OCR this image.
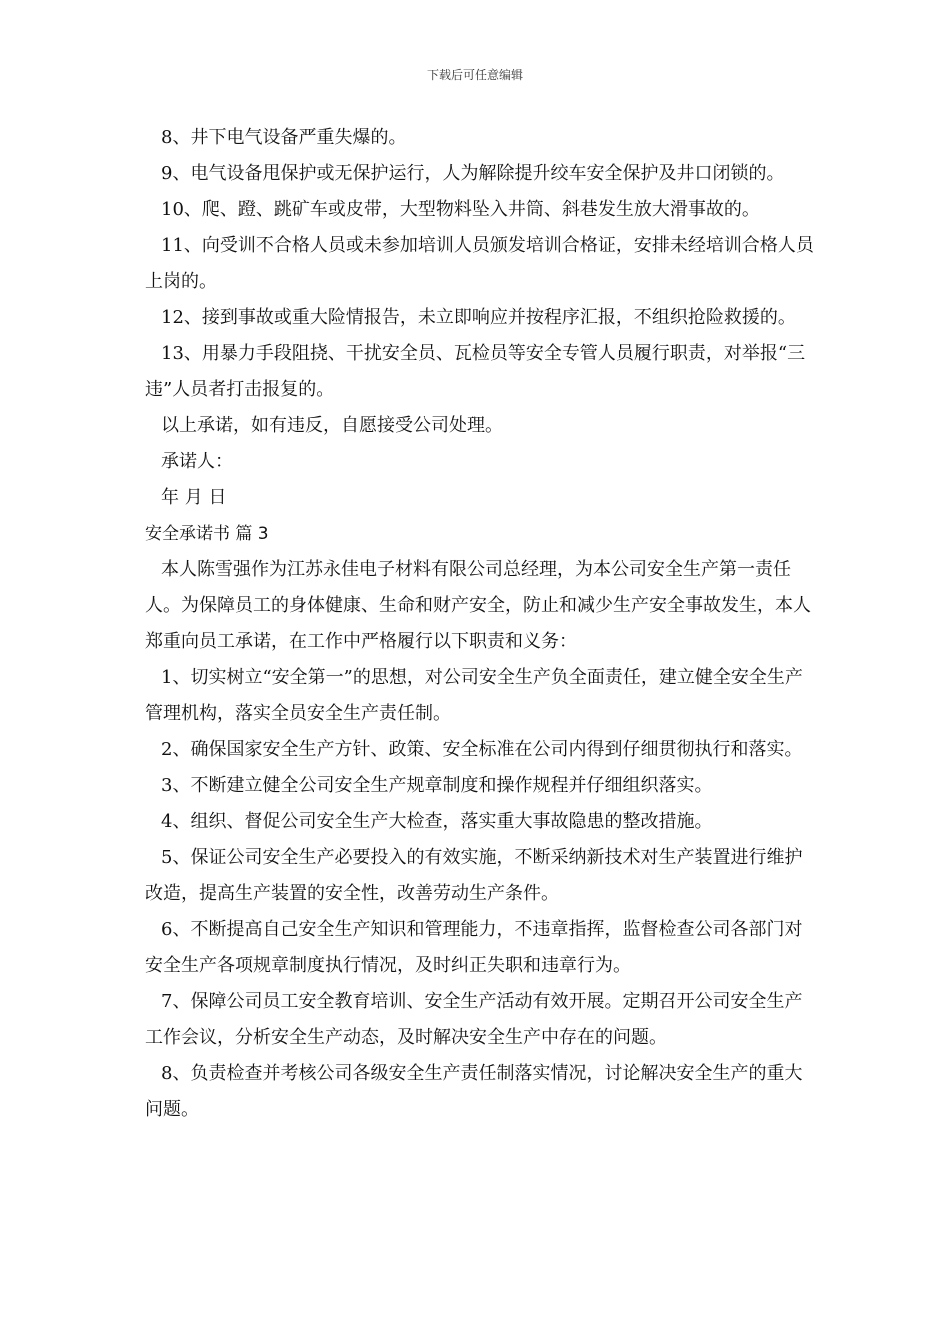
下载后可任意编辑

8、井下电气设备严重失爆的。

9、电气设备甩保护或无保护运行，人为解除提升绞车安全保护及井口闭锁的。

10、爬、蹬、跳矿车或皮带，大型物料坠入井筒、斜巷发生放大滑事故的。

11、向受训不合格人员或未参加培训人员颁发培训合格证，安排未经培训合格人员上岗的。

12、接到事故或重大险情报告，未立即响应并按程序汇报，不组织抢险救援的。

13、用暴力手段阻挠、干扰安全员、瓦检员等安全专管人员履行职责，对举报“三违”人员者打击报复的。

以上承诺，如有违反，自愿接受公司处理。

承诺人：

年 月 日

安全承诺书 篇 3

本人陈雪强作为江苏永佳电子材料有限公司总经理，为本公司安全生产第一责任人。为保障员工的身体健康、生命和财产安全，防止和减少生产安全事故发生，本人郑重向员工承诺，在工作中严格履行以下职责和义务：

1、切实树立“安全第一”的思想，对公司安全生产负全面责任，建立健全安全生产管理机构，落实全员安全生产责任制。

2、确保国家安全生产方针、政策、安全标准在公司内得到仔细贯彻执行和落实。

3、不断建立健全公司安全生产规章制度和操作规程并仔细组织落实。

4、组织、督促公司安全生产大检查，落实重大事故隐患的整改措施。

5、保证公司安全生产必要投入的有效实施，不断采纳新技术对生产装置进行维护改造，提高生产装置的安全性，改善劳动生产条件。

6、不断提高自己安全生产知识和管理能力，不违章指挥，监督检查公司各部门对安全生产各项规章制度执行情况，及时纠正失职和违章行为。

7、保障公司员工安全教育培训、安全生产活动有效开展。定期召开公司安全生产工作会议，分析安全生产动态，及时解决安全生产中存在的问题。

8、负责检查并考核公司各级安全生产责任制落实情况，讨论解决安全生产的重大问题。
